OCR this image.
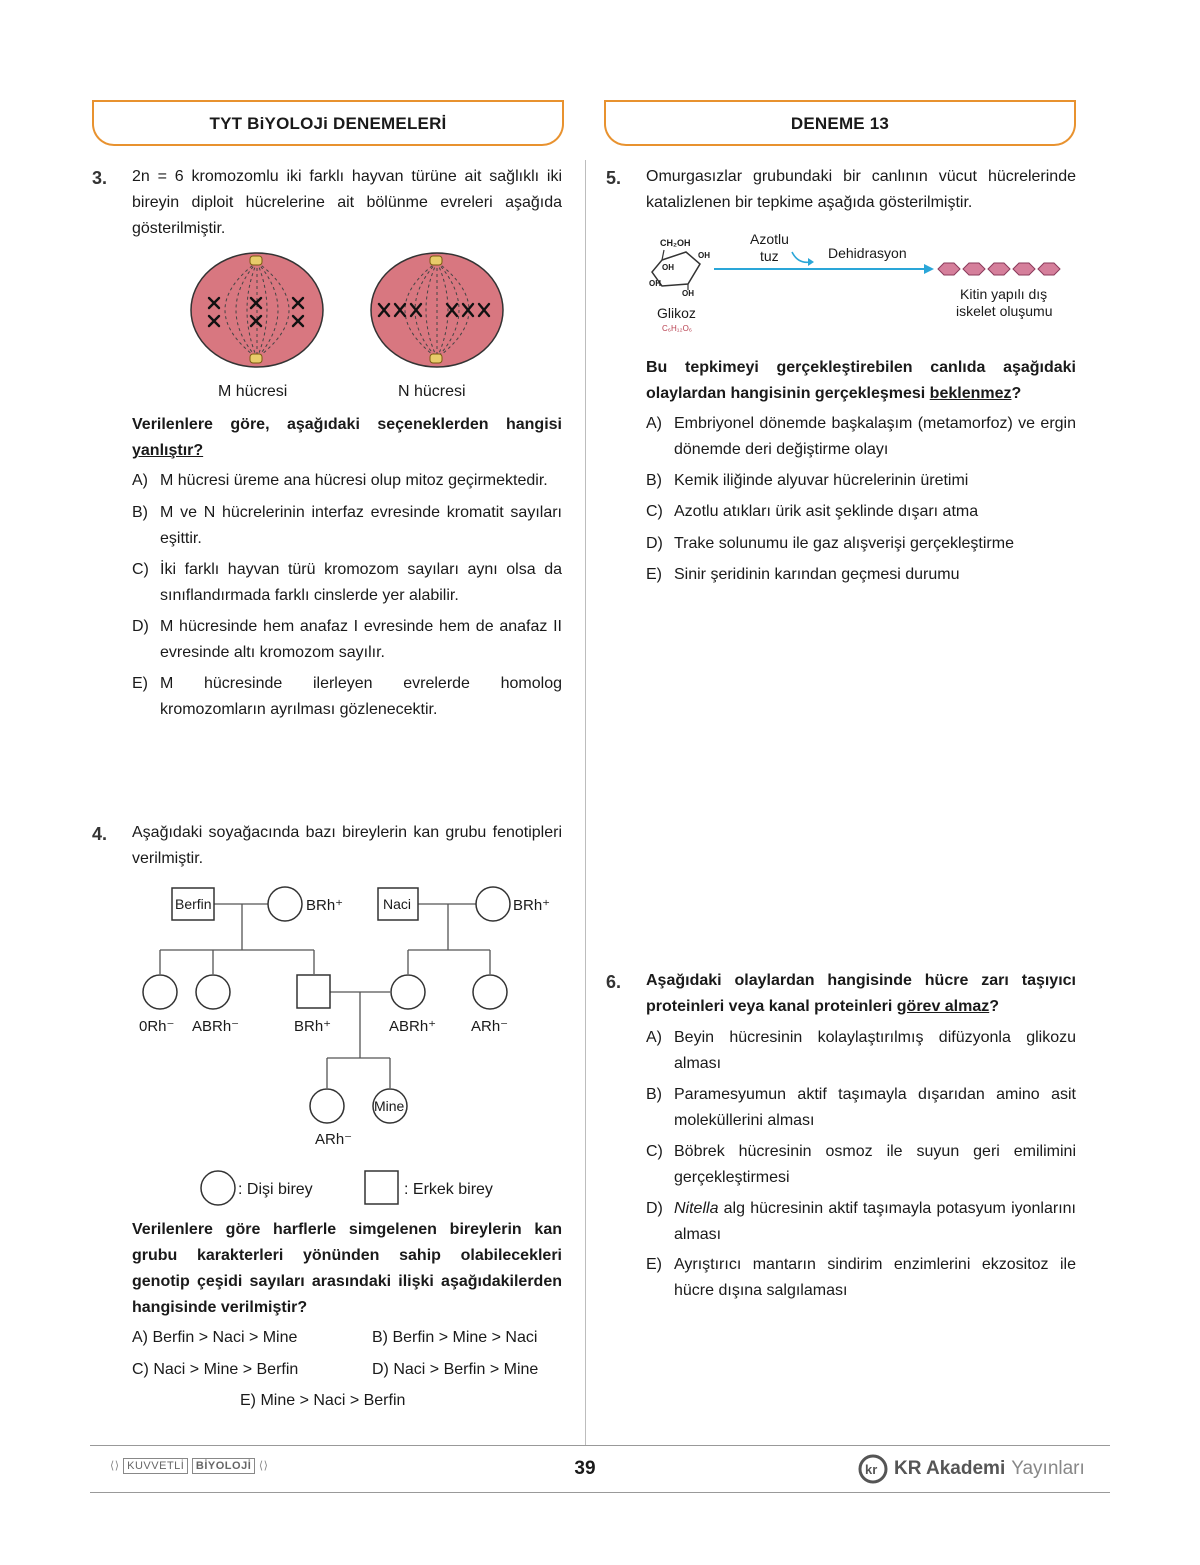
TYT BiYOLOJi DENEMELERİ	DENEME 13
3. 2n = 6 kromozomlu iki farklı hayvan türüne ait sağlıklı iki bireyin diploit hücrelerine ait bölünme evreleri aşağıda gösterilmiştir.
M hücresi	N hücresi
Verilenlere göre, aşağıdaki seçeneklerden hangisi yanlıştır?
A) M hücresi üreme ana hücresi olup mitoz geçirmektedir.
B) M ve N hücrelerinin interfaz evresinde kromatit sayıları eşittir.
C) İki farklı hayvan türü kromozom sayıları aynı olsa da sınıflandırmada farklı cinslerde yer alabilir.
D) M hücresinde hem anafaz I evresinde hem de anafaz II evresinde altı kromozom sayılır.
E) M hücresinde ilerleyen evrelerde homolog kromozomların ayrılması gözlenecektir.
4. Aşağıdaki soyağacında bazı bireylerin kan grubu fenotipleri verilmiştir.
Berfin	Naci
BRh⁺	BRh⁺
0Rh⁻ ABRh⁻	BRh⁺	ABRh⁺ ARh⁻
Mine
ARh⁻
: Dişi birey	: Erkek birey
Verilenlere göre harflerle simgelenen bireylerin kan grubu karakterleri yönünden sahip olabilecekleri genotip çeşidi sayıları arasındaki ilişki aşağıdakilerden hangisinde verilmiştir?
A) Berfin > Naci > Mine	B) Berfin > Mine > Naci
C) Naci > Mine > Berfin	D) Naci > Berfin > Mine
E) Mine > Naci > Berfin
5. Omurgasızlar grubundaki bir canlının vücut hücrelerinde katalizlenen bir tepkime aşağıda gösterilmiştir.
CH₂OH
OH
OH
OH
OH
Glikoz
C₆H₁₂O₆
Azotlu
tuz	Dehidrasyon
Kitin yapılı dış
iskelet oluşumu
Bu tepkimeyi gerçekleştirebilen canlıda aşağıdaki olaylardan hangisinin gerçekleşmesi beklenmez?
A) Embriyonel dönemde başkalaşım (metamorfoz) ve ergin dönemde deri değiştirme olayı
B) Kemik iliğinde alyuvar hücrelerinin üretimi
C) Azotlu atıkları ürik asit şeklinde dışarı atma
D) Trake solunumu ile gaz alışverişi gerçekleştirme
E) Sinir şeridinin karından geçmesi durumu
6. Aşağıdaki olaylardan hangisinde hücre zarı taşıyıcı proteinleri veya kanal proteinleri görev almaz?
A) Beyin hücresinin kolaylaştırılmış difüzyonla glikozu alması
B) Paramesyumun aktif taşımayla dışarıdan amino asit moleküllerini alması
C) Böbrek hücresinin osmoz ile suyun geri emilimini gerçekleştirmesi
D) Nitella alg hücresinin aktif taşımayla potasyum iyonlarını alması
E) Ayrıştırıcı mantarın sindirim enzimlerini ekzositoz ile hücre dışına salgılaması
⟨⟩ KUVVETLİ BİYOLOJİ ⟨⟩	39	kr KR Akademi Yayınları
